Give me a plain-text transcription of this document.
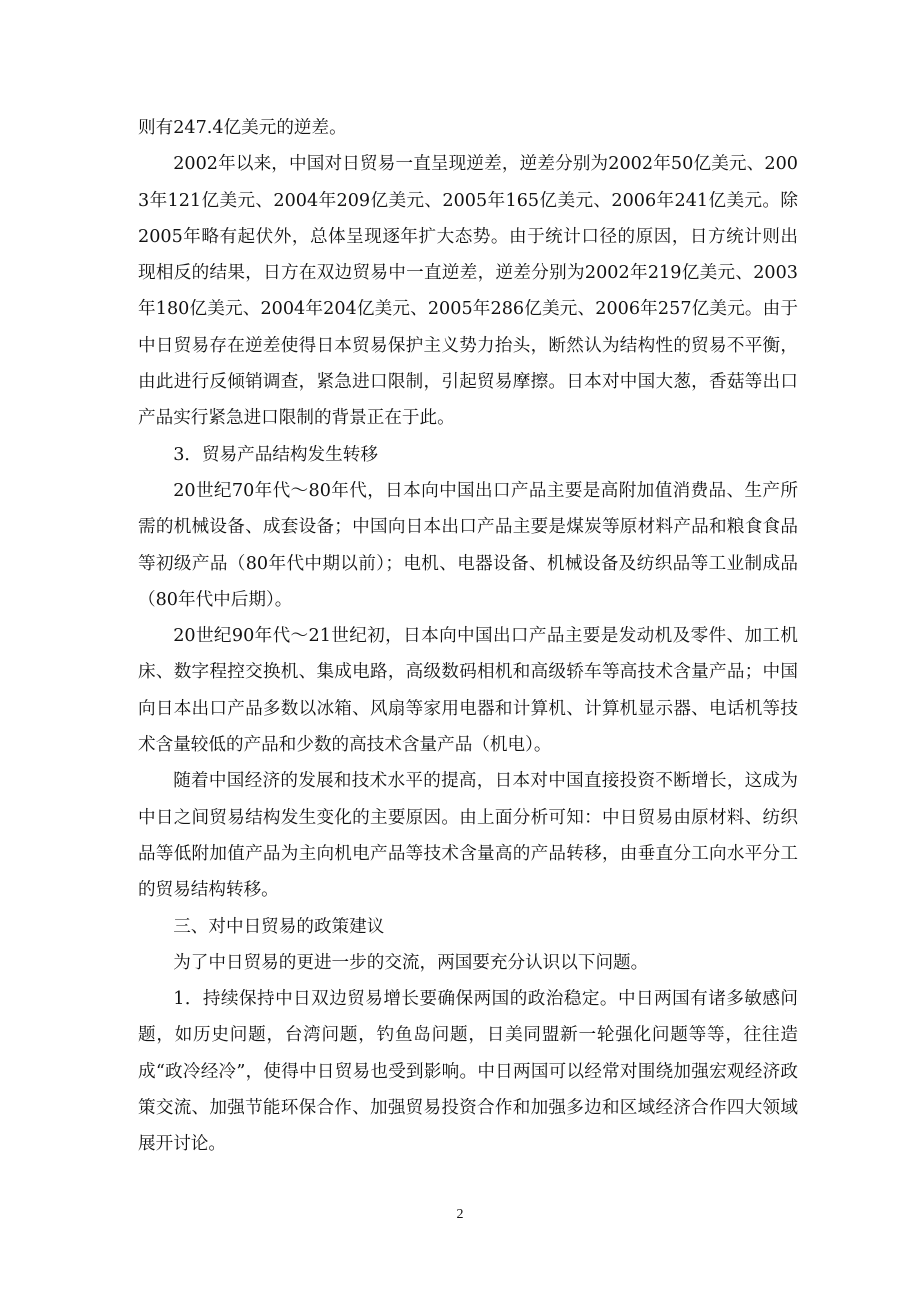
则有247.4亿美元的逆差。

2002年以来，中国对日贸易一直呈现逆差，逆差分别为2002年50亿美元、2003年121亿美元、2004年209亿美元、2005年165亿美元、2006年241亿美元。除2005年略有起伏外，总体呈现逐年扩大态势。由于统计口径的原因，日方统计则出现相反的结果，日方在双边贸易中一直逆差，逆差分别为2002年219亿美元、2003年180亿美元、2004年204亿美元、2005年286亿美元、2006年257亿美元。由于中日贸易存在逆差使得日本贸易保护主义势力抬头，断然认为结构性的贸易不平衡，由此进行反倾销调查，紧急进口限制，引起贸易摩擦。日本对中国大葱，香菇等出口产品实行紧急进口限制的背景正在于此。

3．贸易产品结构发生转移

20世纪70年代～80年代，日本向中国出口产品主要是高附加值消费品、生产所需的机械设备、成套设备；中国向日本出口产品主要是煤炭等原材料产品和粮食食品等初级产品（80年代中期以前）；电机、电器设备、机械设备及纺织品等工业制成品（80年代中后期）。

20世纪90年代～21世纪初，日本向中国出口产品主要是发动机及零件、加工机床、数字程控交换机、集成电路，高级数码相机和高级轿车等高技术含量产品；中国向日本出口产品多数以冰箱、风扇等家用电器和计算机、计算机显示器、电话机等技术含量较低的产品和少数的高技术含量产品（机电）。

随着中国经济的发展和技术水平的提高，日本对中国直接投资不断增长，这成为中日之间贸易结构发生变化的主要原因。由上面分析可知：中日贸易由原材料、纺织品等低附加值产品为主向机电产品等技术含量高的产品转移，由垂直分工向水平分工的贸易结构转移。

三、对中日贸易的政策建议

为了中日贸易的更进一步的交流，两国要充分认识以下问题。

1．持续保持中日双边贸易增长要确保两国的政治稳定。中日两国有诸多敏感问题，如历史问题，台湾问题，钓鱼岛问题，日美同盟新一轮强化问题等等，往往造成“政冷经冷”，使得中日贸易也受到影响。中日两国可以经常对围绕加强宏观经济政策交流、加强节能环保合作、加强贸易投资合作和加强多边和区域经济合作四大领域展开讨论。

2
